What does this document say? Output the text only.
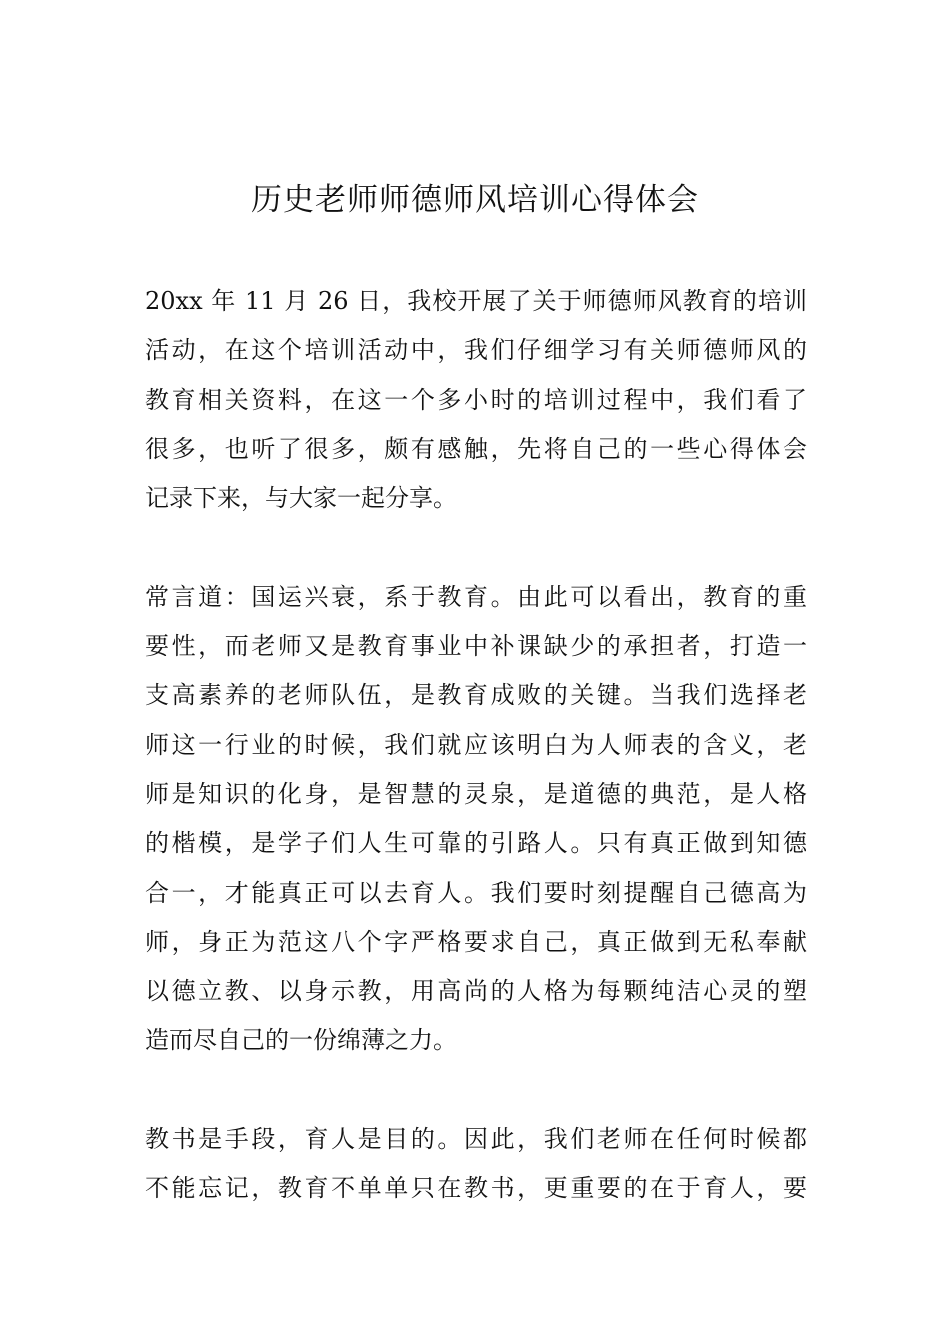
历史老师师德师风培训心得体会
20xx 年 11 月 26 日，我校开展了关于师德师风教育的培训
活动，在这个培训活动中，我们仔细学习有关师德师风的
教育相关资料，在这一个多小时的培训过程中，我们看了
很多，也听了很多，颇有感触，先将自己的一些心得体会
记录下来，与大家一起分享。
常言道：国运兴衰，系于教育。由此可以看出，教育的重
要性，而老师又是教育事业中补课缺少的承担者，打造一
支高素养的老师队伍，是教育成败的关键。当我们选择老
师这一行业的时候，我们就应该明白为人师表的含义，老
师是知识的化身，是智慧的灵泉，是道德的典范，是人格
的楷模，是学子们人生可靠的引路人。只有真正做到知德
合一，才能真正可以去育人。我们要时刻提醒自己德高为
师，身正为范这八个字严格要求自己，真正做到无私奉献
以德立教、以身示教，用高尚的人格为每颗纯洁心灵的塑
造而尽自己的一份绵薄之力。
教书是手段，育人是目的。因此，我们老师在任何时候都
不能忘记，教育不单单只在教书，更重要的在于育人，要
